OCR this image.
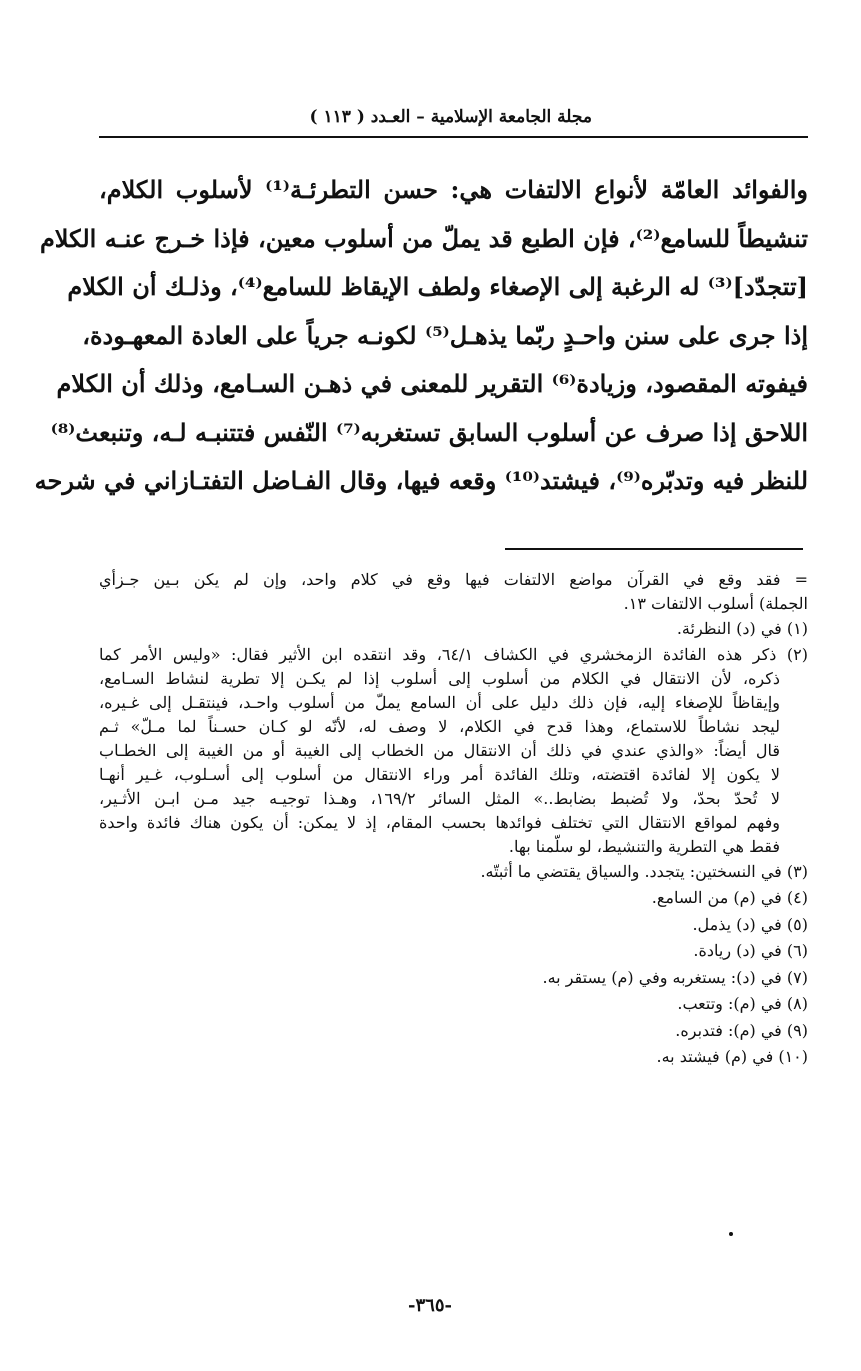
مجلة الجامعة الإسلامية – العـدد ( ١١٣ )
والفوائد العامّة لأنواع الالتفات هي: حسن التطرئـة⁽¹⁾ لأسلوب الكلام،
تنشيطاً للسامع⁽²⁾، فإن الطبع قد يملّ من أسلوب معين، فإذا خـرج عنـه الكلام
[تتجدّد]⁽³⁾ له الرغبة إلى الإصغاء ولطف الإيقاظ للسامع⁽⁴⁾، وذلـك أن الكلام
إذا جرى على سنن واحـدٍ ربّما يذهـل⁽⁵⁾ لكونـه جرياً على العادة المعهـودة،
فيفوته المقصود، وزيادة⁽⁶⁾ التقرير للمعنى في ذهـن السـامع، وذلك أن الكلام
اللاحق إذا صرف عن أسلوب السابق تستغربه⁽⁷⁾ النّفس فتتنبـه لـه، وتنبعث⁽⁸⁾
للنظر فيه وتدبّره⁽⁹⁾، فيشتد⁽¹⁰⁾ وقعه فيها، وقال الفـاضل التفتـازاني في شرحه
= فقد وقع في القرآن مواضع الالتفات فيها وقع في كلام واحد، وإن لم يكن بـين جـزأي
الجملة) أسلوب الالتفات ١٣.
(١) في (د) النظرئة.
(٢) ذكر هذه الفائدة الزمخشري في الكشاف ٦٤/١، وقد انتقده ابن الأثير فقال: «وليس الأمر كما
ذكره، لأن الانتقال في الكلام من أسلوب إلى أسلوب إذا لم يكـن إلا تطرية لنشاط السـامع،
وإيقاظاً للإصغاء إليه، فإن ذلك دليل على أن السامع يملّ من أسلوب واحـد، فينتقـل إلى غـيره،
ليجد نشاطاً للاستماع، وهذا قدح في الكلام، لا وصف له، لأنّه لو كـان حسـناً لما مـلّ» ثـم
قال أيضاً: «والذي عندي في ذلك أن الانتقال من الخطاب إلى الغيبة أو من الغيبة إلى الخطـاب
لا يكون إلا لفائدة اقتضته، وتلك الفائدة أمر وراء الانتقال من أسلوب إلى أسـلوب، غـير أنهـا
لا تُحدّ بحدّ، ولا تُضبط بضابط..» المثل السائر ١٦٩/٢، وهـذا توجيـه جيد مـن ابـن الأثـير،
وفهم لمواقع الانتقال التي تختلف فوائدها بحسب المقام، إذ لا يمكن: أن يكون هناك فائدة واحدة
فقط هي التطرية والتنشيط، لو سلّمنا بها.
(٣) في النسختين: يتجدد. والسياق يقتضي ما أثبتّه.
(٤) في (م) من السامع.
(٥) في (د) يذمل.
(٦) في (د) ريادة.
(٧) في (د): يستغربه وفي (م) يستقر به.
(٨) في (م): وتتعب.
(٩) في (م): فتدبره.
(١٠) في (م) فيشتد به.
-٣٦٥-
